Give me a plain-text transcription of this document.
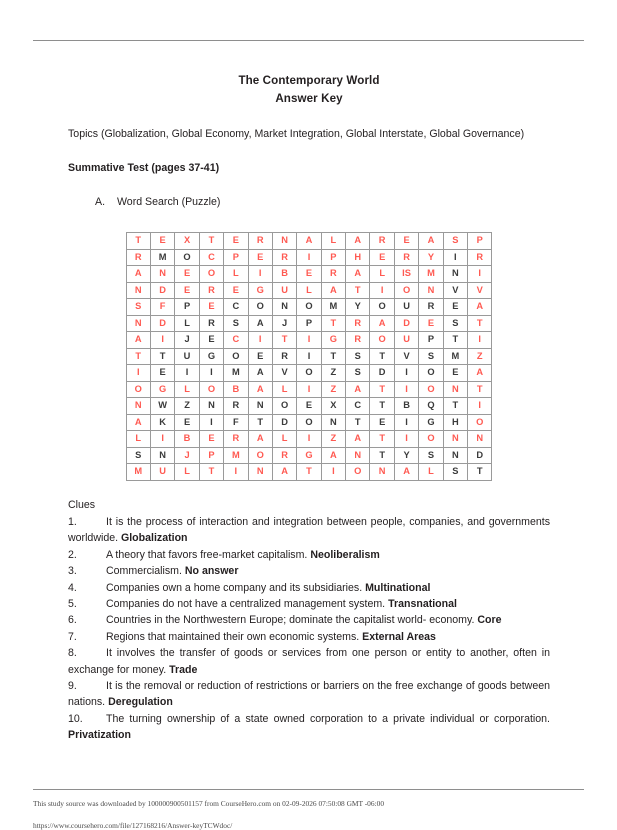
The Contemporary World
Answer Key
Topics (Globalization, Global Economy, Market Integration, Global Interstate, Global Governance)
Summative Test (pages 37-41)
A. Word Search (Puzzle)
T	E	X	T	E	R	N	A	L	A	R	E	A	S	P
R	M	O	C	P	E	R	I	P	H	E	R	Y	I	R
A	N	E	O	L	I	B	E	R	A	L	IS	M	N	I
N	D	E	R	E	G	U	L	A	T	I	O	N	V	V
S	F	P	E	C	O	N	O	M	Y	O	U	R	E	A
N	D	L	R	S	A	J	P	T	R	A	D	E	S	T
A	I	J	E	C	I	T	I	G	R	O	U	P	T	I
T	T	U	G	O	E	R	I	T	S	T	V	S	M	Z
I	E	I	I	M	A	V	O	Z	S	D	I	O	E	A
O	G	L	O	B	A	L	I	Z	A	T	I	O	N	T
N	W	Z	N	R	N	O	E	X	C	T	B	Q	T	I
A	K	E	I	F	T	D	O	N	T	E	I	G	H	O
L	I	B	E	R	A	L	I	Z	A	T	I	O	N	N
S	N	J	P	M	O	R	G	A	N	T	Y	S	N	D
M	U	L	T	I	N	A	T	I	O	N	A	L	S	T
Clues
1.	It is the process of interaction and integration between people, companies, and governments worldwide. Globalization
2.	A theory that favors free-market capitalism. Neoliberalism
3.	Commercialism. No answer
4.	Companies own a home company and its subsidiaries. Multinational
5.	Companies do not have a centralized management system. Transnational
6.	Countries in the Northwestern Europe; dominate the capitalist world- economy. Core
7.	Regions that maintained their own economic systems. External Areas
8.	It involves the transfer of goods or services from one person or entity to another, often in exchange for money. Trade
9.	It is the removal or reduction of restrictions or barriers on the free exchange of goods between nations. Deregulation
10. The turning ownership of a state owned corporation to a private individual or corporation. Privatization
This study source was downloaded by 100000900501157 from CourseHero.com on 02-09-2026 07:50:08 GMT -06:00
https://www.coursehero.com/file/127168216/Answer-keyTCWdoc/
